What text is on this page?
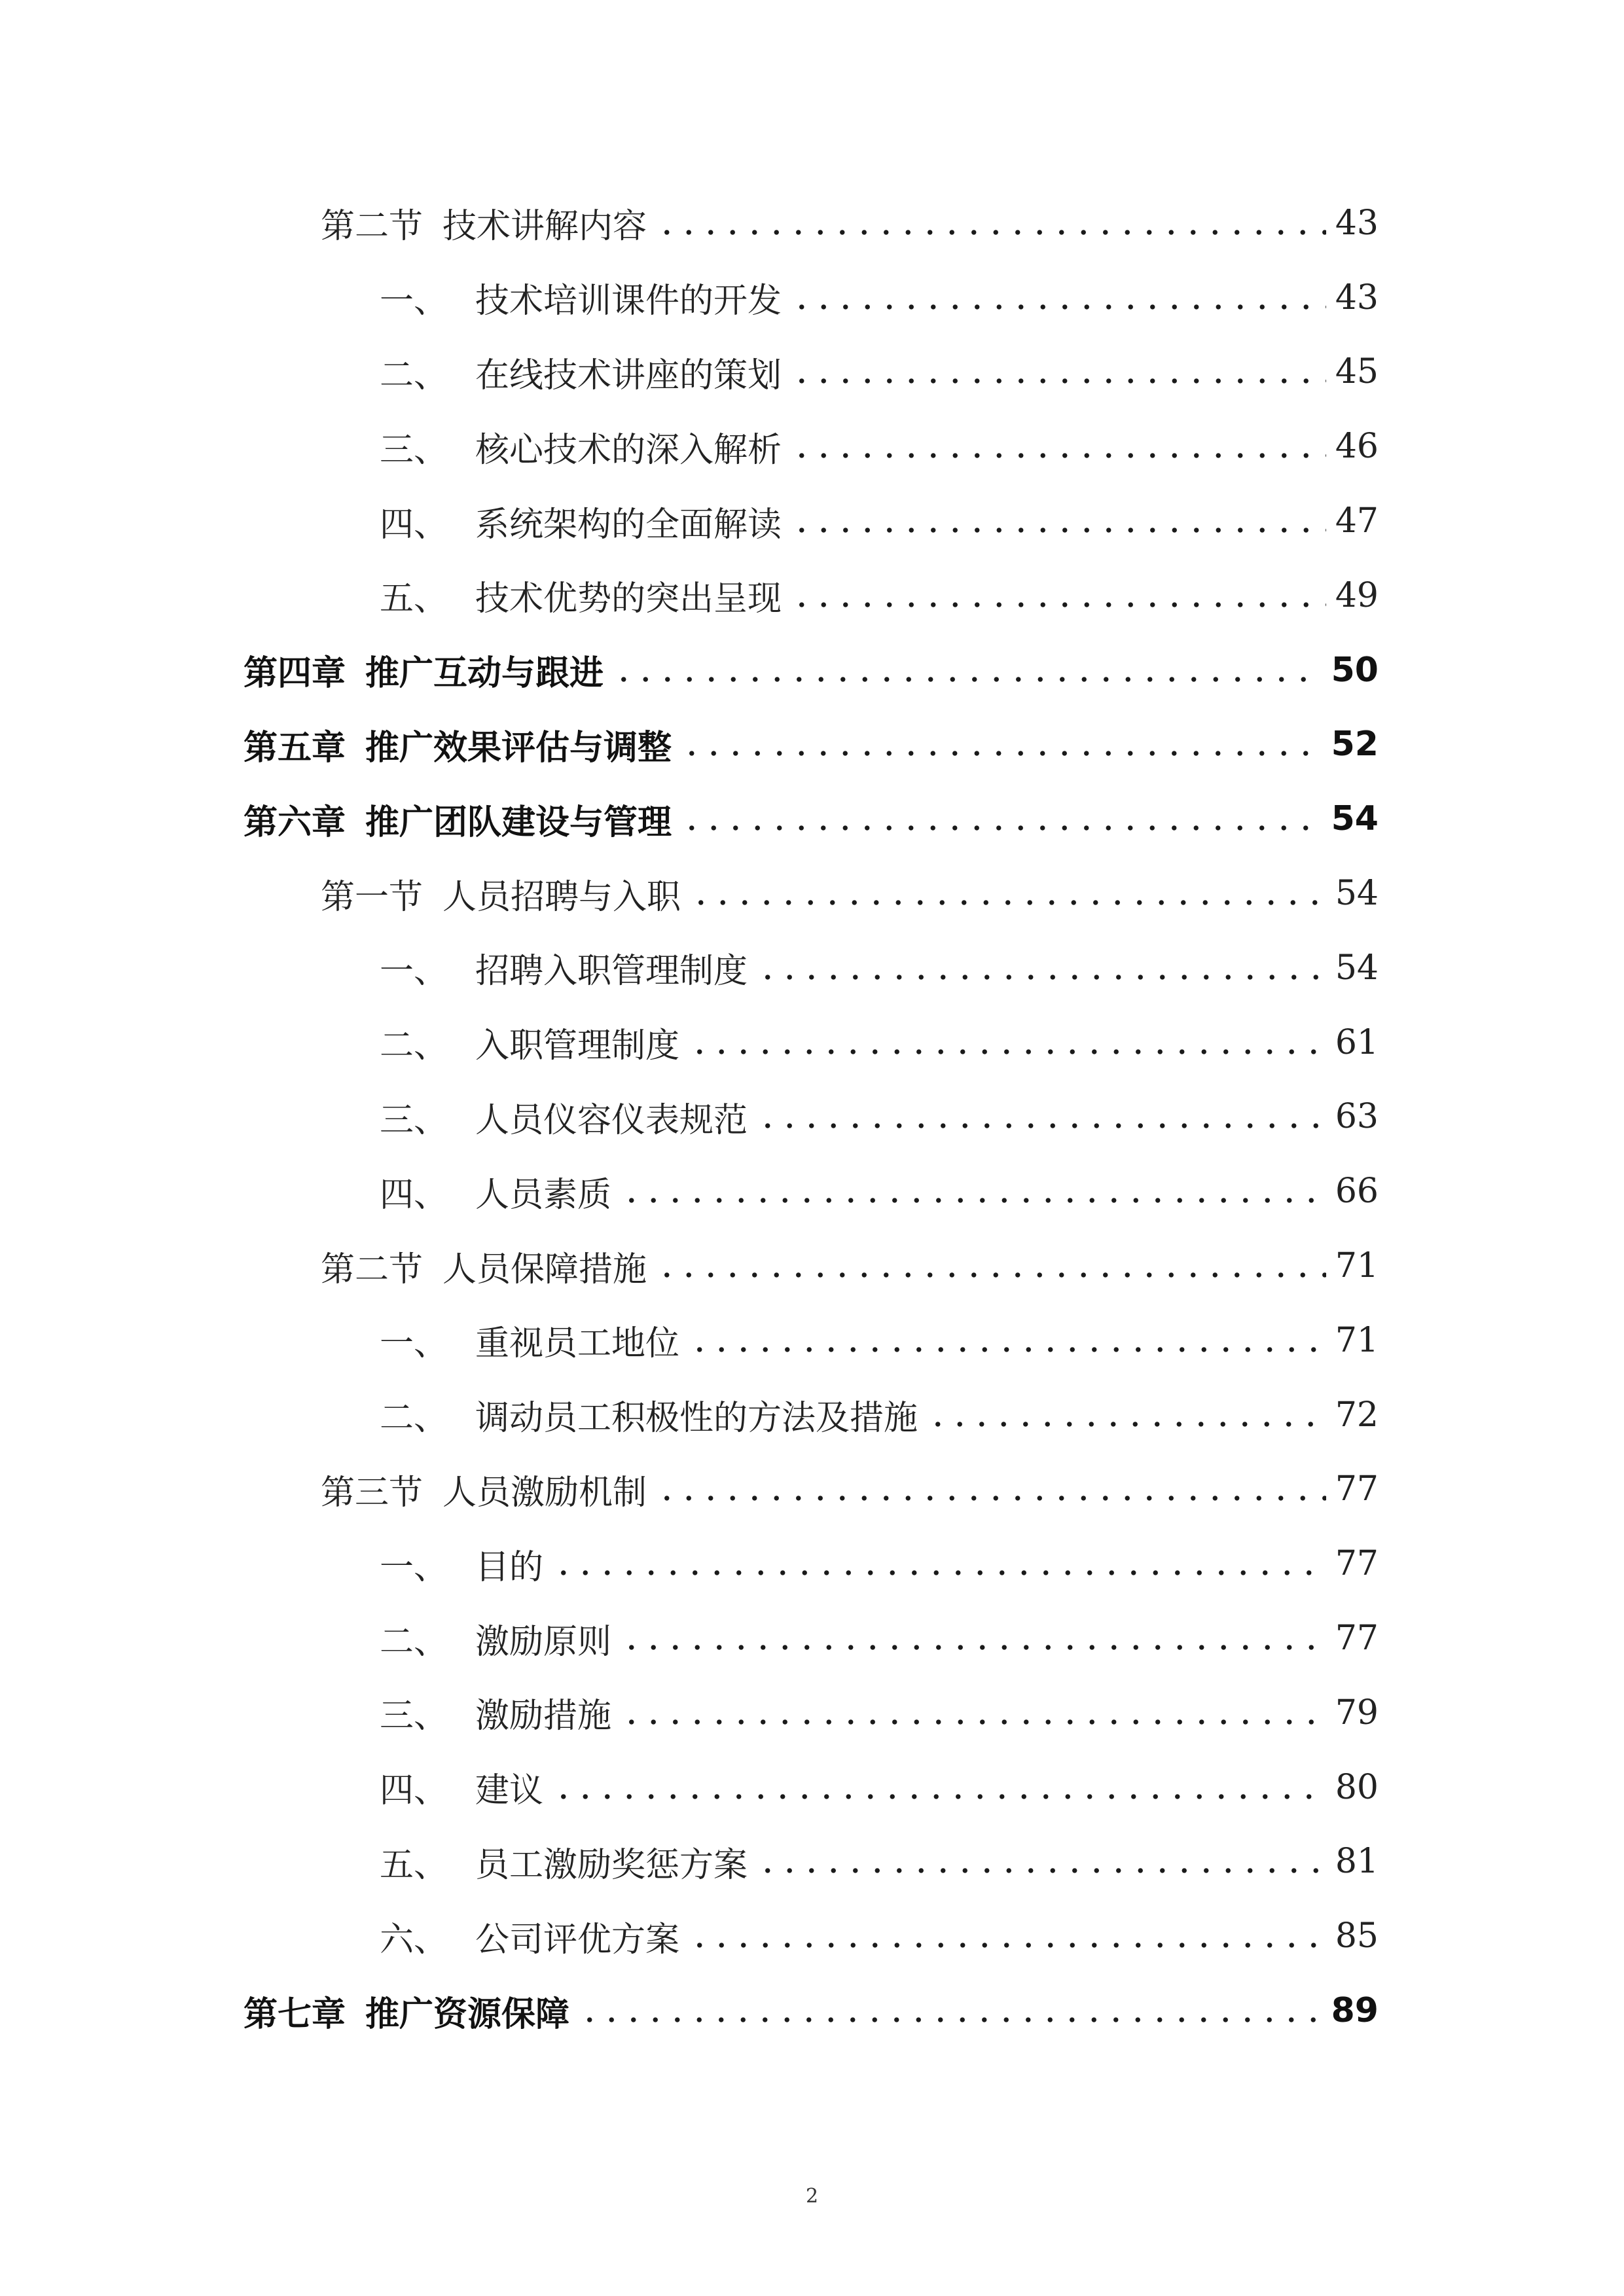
第二节 技术讲解内容	43
一、 技术培训课件的开发	43
二、 在线技术讲座的策划	45
三、 核心技术的深入解析	46
四、 系统架构的全面解读	47
五、 技术优势的突出呈现	49
第四章 推广互动与跟进	50
第五章 推广效果评估与调整	52
第六章 推广团队建设与管理	54
第一节 人员招聘与入职	54
一、 招聘入职管理制度	54
二、 入职管理制度	61
三、 人员仪容仪表规范	63
四、 人员素质	66
第二节 人员保障措施	71
一、 重视员工地位	71
二、 调动员工积极性的方法及措施	72
第三节 人员激励机制	77
一、 目的	77
二、 激励原则	77
三、 激励措施	79
四、 建议	80
五、 员工激励奖惩方案	81
六、 公司评优方案	85
第七章 推广资源保障	89
2
